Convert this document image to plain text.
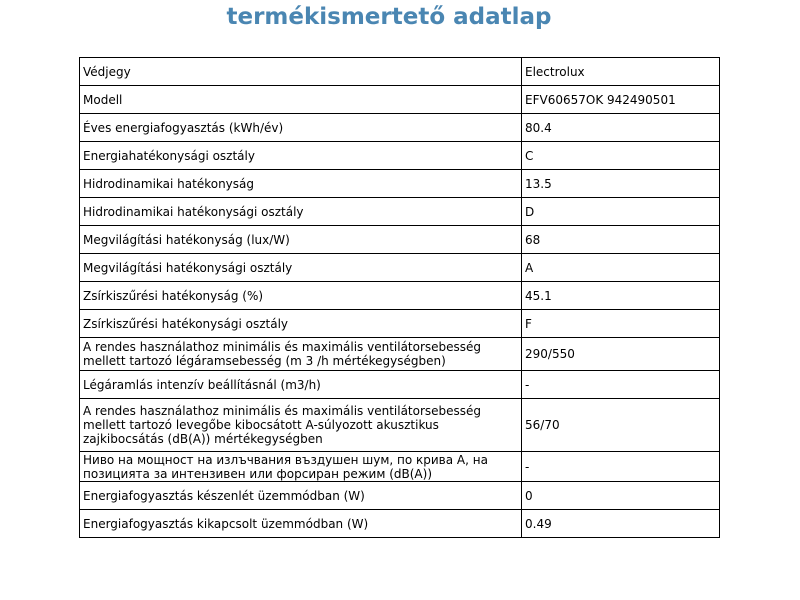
termékismertető adatlap
Védjegy	Electrolux
Modell	EFV60657OK 942490501
Éves energiafogyasztás (kWh/év)	80.4
Energiahatékonysági osztály	C
Hidrodinamikai hatékonyság	13.5
Hidrodinamikai hatékonysági osztály	D
Megvilágítási hatékonyság (lux/W)	68
Megvilágítási hatékonysági osztály	A
Zsírkiszűrési hatékonyság (%)	45.1
Zsírkiszűrési hatékonysági osztály	F
A rendes használathoz minimális és maximális ventilátorsebesség mellett tartozó légáramsebesség (m 3 /h mértékegységben)	290/550
Légáramlás intenzív beállításnál (m3/h)	-
A rendes használathoz minimális és maximális ventilátorsebesség mellett tartozó levegőbe kibocsátott A-súlyozott akusztikus zajkibocsátás (dB(A)) mértékegységben	56/70
Ниво на мощност на излъчвания въздушен шум, по крива А, на позицията за интензивен или форсиран режим (dB(A))	-
Energiafogyasztás készenlét üzemmódban (W)	0
Energiafogyasztás kikapcsolt üzemmódban (W)	0.49
